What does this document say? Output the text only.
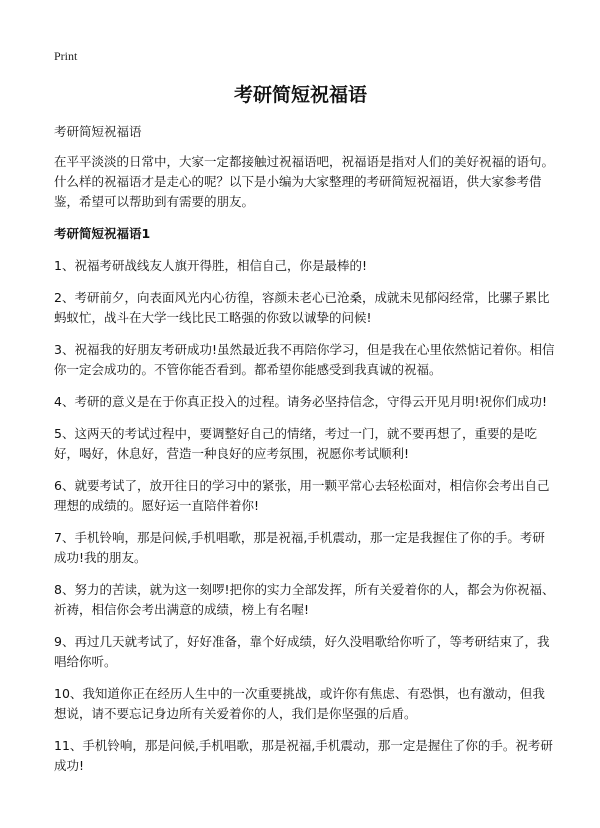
Print
考研简短祝福语

考研简短祝福语

在平平淡淡的日常中，大家一定都接触过祝福语吧，祝福语是指对人们的美好祝福的语句。什么样的祝福语才是走心的呢？以下是小编为大家整理的考研简短祝福语，供大家参考借鉴，希望可以帮助到有需要的朋友。

考研简短祝福语1

1、祝福考研战线友人旗开得胜，相信自己，你是最棒的!
2、考研前夕，向表面风光内心彷徨，容颜未老心已沧桑，成就未见郁闷经常，比骡子累比蚂蚁忙，战斗在大学一线比民工略强的你致以诚挚的问候!
3、祝福我的好朋友考研成功!虽然最近我不再陪你学习，但是我在心里依然惦记着你。相信你一定会成功的。不管你能否看到。都希望你能感受到我真诚的祝福。
4、考研的意义是在于你真正投入的过程。请务必坚持信念，守得云开见月明!祝你们成功!
5、这两天的考试过程中，要调整好自己的情绪，考过一门，就不要再想了，重要的是吃好，喝好，休息好，营造一种良好的应考氛围，祝愿你考试顺利!
6、就要考试了，放开往日的学习中的紧张，用一颗平常心去轻松面对，相信你会考出自己理想的成绩的。愿好运一直陪伴着你!
7、手机铃响，那是问候,手机唱歌，那是祝福,手机震动，那一定是我握住了你的手。考研成功!我的朋友。
8、努力的苦读，就为这一刻啰!把你的实力全部发挥，所有关爱着你的人，都会为你祝福、祈祷，相信你会考出满意的成绩，榜上有名喔!
9、再过几天就考试了，好好准备，靠个好成绩，好久没唱歌给你听了，等考研结束了，我唱给你听。
10、我知道你正在经历人生中的一次重要挑战，或许你有焦虑、有恐惧，也有激动，但我想说，请不要忘记身边所有关爱着你的人，我们是你坚强的后盾。
11、手机铃响，那是问候,手机唱歌，那是祝福,手机震动，那一定是握住了你的手。祝考研成功!
